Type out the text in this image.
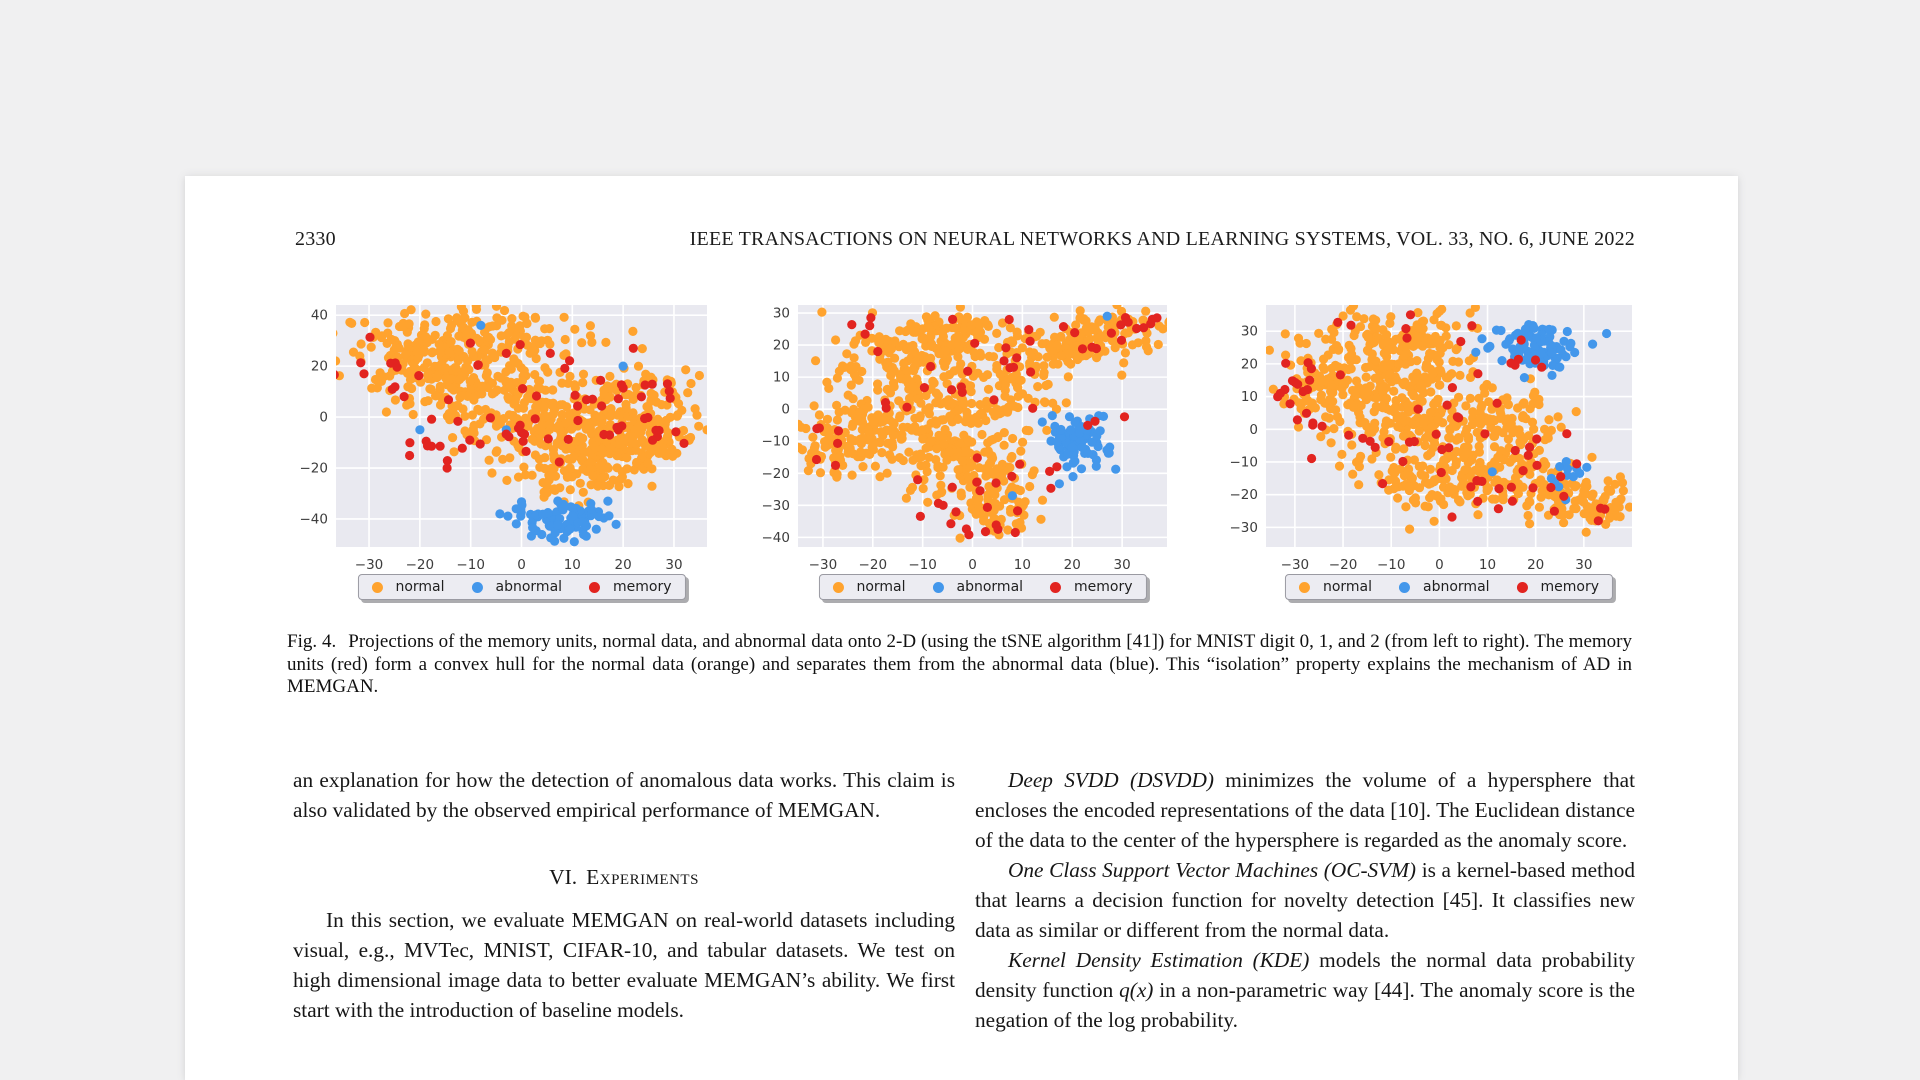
2330	IEEE TRANSACTIONS ON NEURAL NETWORKS AND LEARNING SYSTEMS, VOL. 33, NO. 6, JUNE 2022
−40
−20
0
20
40
−30 −20 −10 0	10 20 30
−40
−30
−20
−10
0
10
20
30
−30 −20 −10 0	10 20 30
−30
−20
−10
0
10
20
30
−30 −20 −10 0	10 20 30
normal	abnormal	memory	normal	abnormal	memory	normal	abnormal	memory
Fig. 4. Projections of the memory units, normal data, and abnormal data onto 2-D (using the tSNE algorithm [41]) for MNIST digit 0, 1, and 2 (from left to right). The memory units (red) form a convex hull for the normal data (orange) and separates them from the abnormal data (blue). This “isolation” property explains the mechanism of AD in MEMGAN.

an explanation for how the detection of anomalous data works. This claim is also validated by the observed empirical performance of MEMGAN.

VI. Experiments

In this section, we evaluate MEMGAN on real-world datasets including visual, e.g., MVTec, MNIST, CIFAR-10, and tabular datasets. We test on high dimensional image data to better evaluate MEMGAN’s ability. We first start with the introduction of baseline models.

Deep SVDD (DSVDD) minimizes the volume of a hypersphere that encloses the encoded representations of the data [10]. The Euclidean distance of the data to the center of the hypersphere is regarded as the anomaly score.

One Class Support Vector Machines (OC-SVM) is a kernel-based method that learns a decision function for novelty detection [45]. It classifies new data as similar or different from the normal data.

Kernel Density Estimation (KDE) models the normal data probability density function q(x) in a non-parametric way [44]. The anomaly score is the negation of the log probability.
